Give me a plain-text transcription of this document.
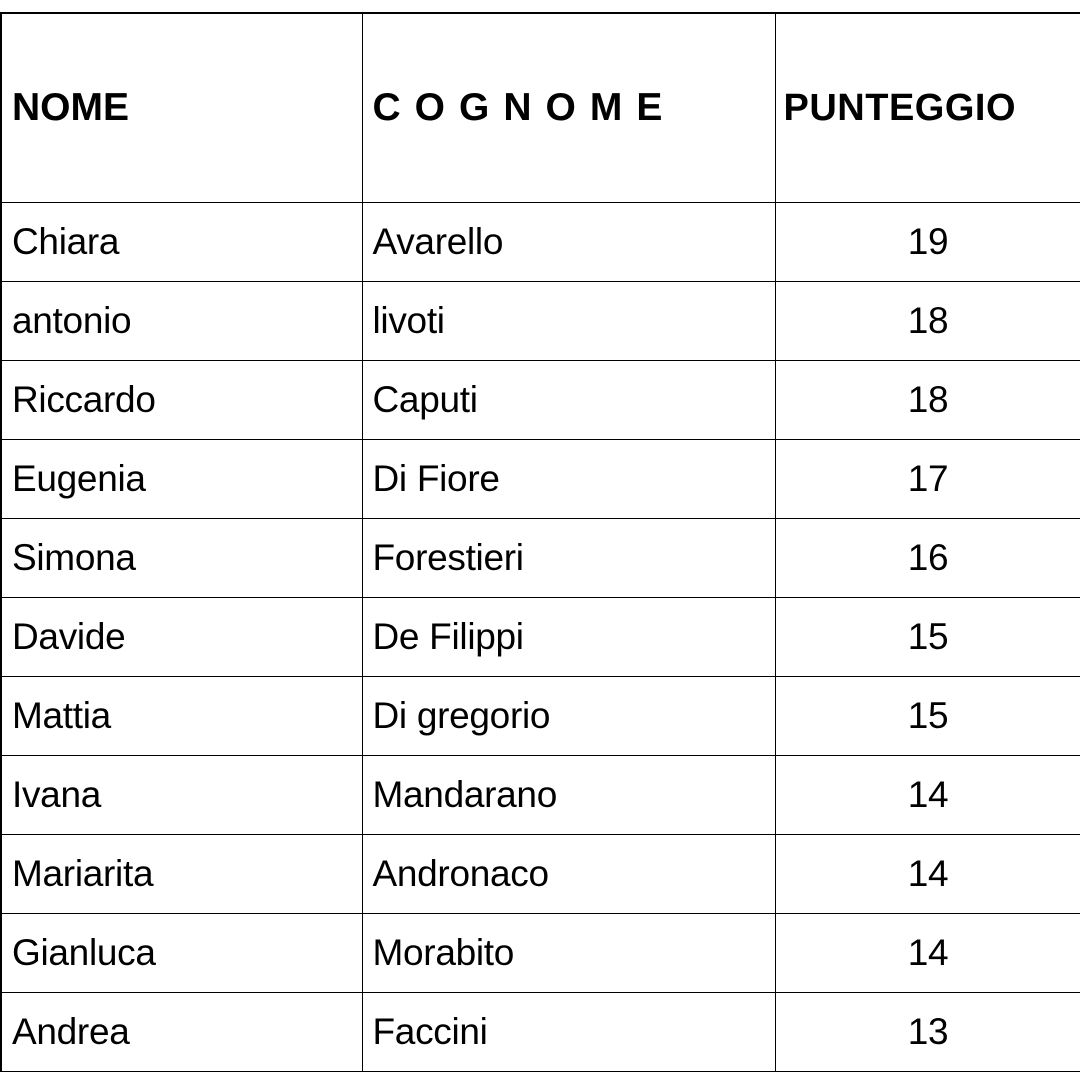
NOME	COGNOME	PUNTEGGIO
Chiara	Avarello	19
antonio	livoti	18
Riccardo	Caputi	18
Eugenia	Di Fiore	17
Simona	Forestieri	16
Davide	De Filippi	15
Mattia	Di gregorio	15
Ivana	Mandarano	14
Mariarita	Andronaco	14
Gianluca	Morabito	14
Andrea	Faccini	13
